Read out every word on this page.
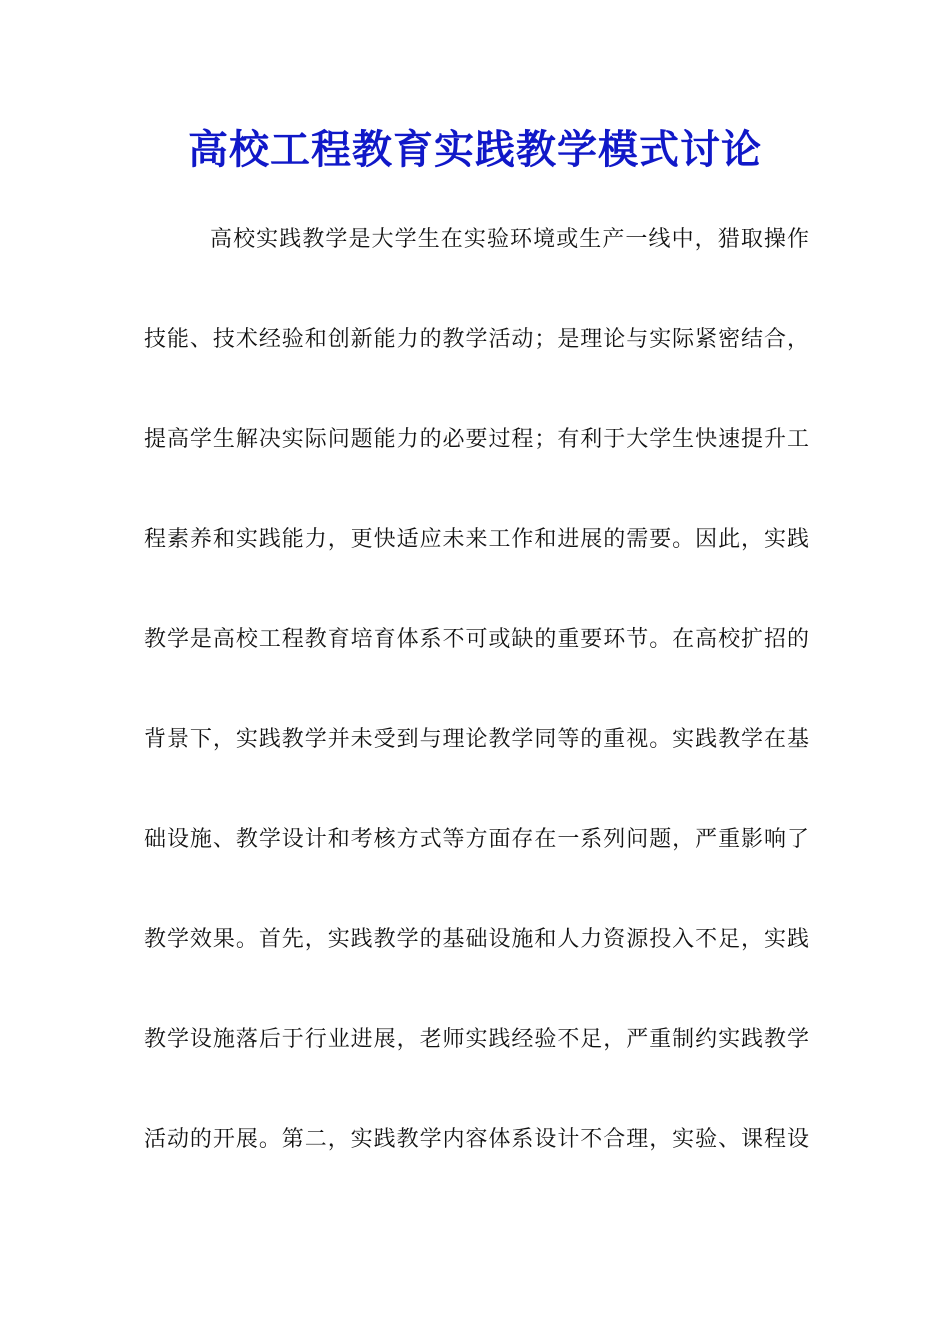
高校工程教育实践教学模式讨论
高校实践教学是大学生在实验环境或生产一线中，猎取操作
技能、技术经验和创新能力的教学活动；是理论与实际紧密结合，
提高学生解决实际问题能力的必要过程；有利于大学生快速提升工
程素养和实践能力，更快适应未来工作和进展的需要。因此，实践
教学是高校工程教育培育体系不可或缺的重要环节。在高校扩招的
背景下，实践教学并未受到与理论教学同等的重视。实践教学在基
础设施、教学设计和考核方式等方面存在一系列问题，严重影响了
教学效果。首先，实践教学的基础设施和人力资源投入不足，实践
教学设施落后于行业进展，老师实践经验不足，严重制约实践教学
活动的开展。第二，实践教学内容体系设计不合理，实验、课程设
